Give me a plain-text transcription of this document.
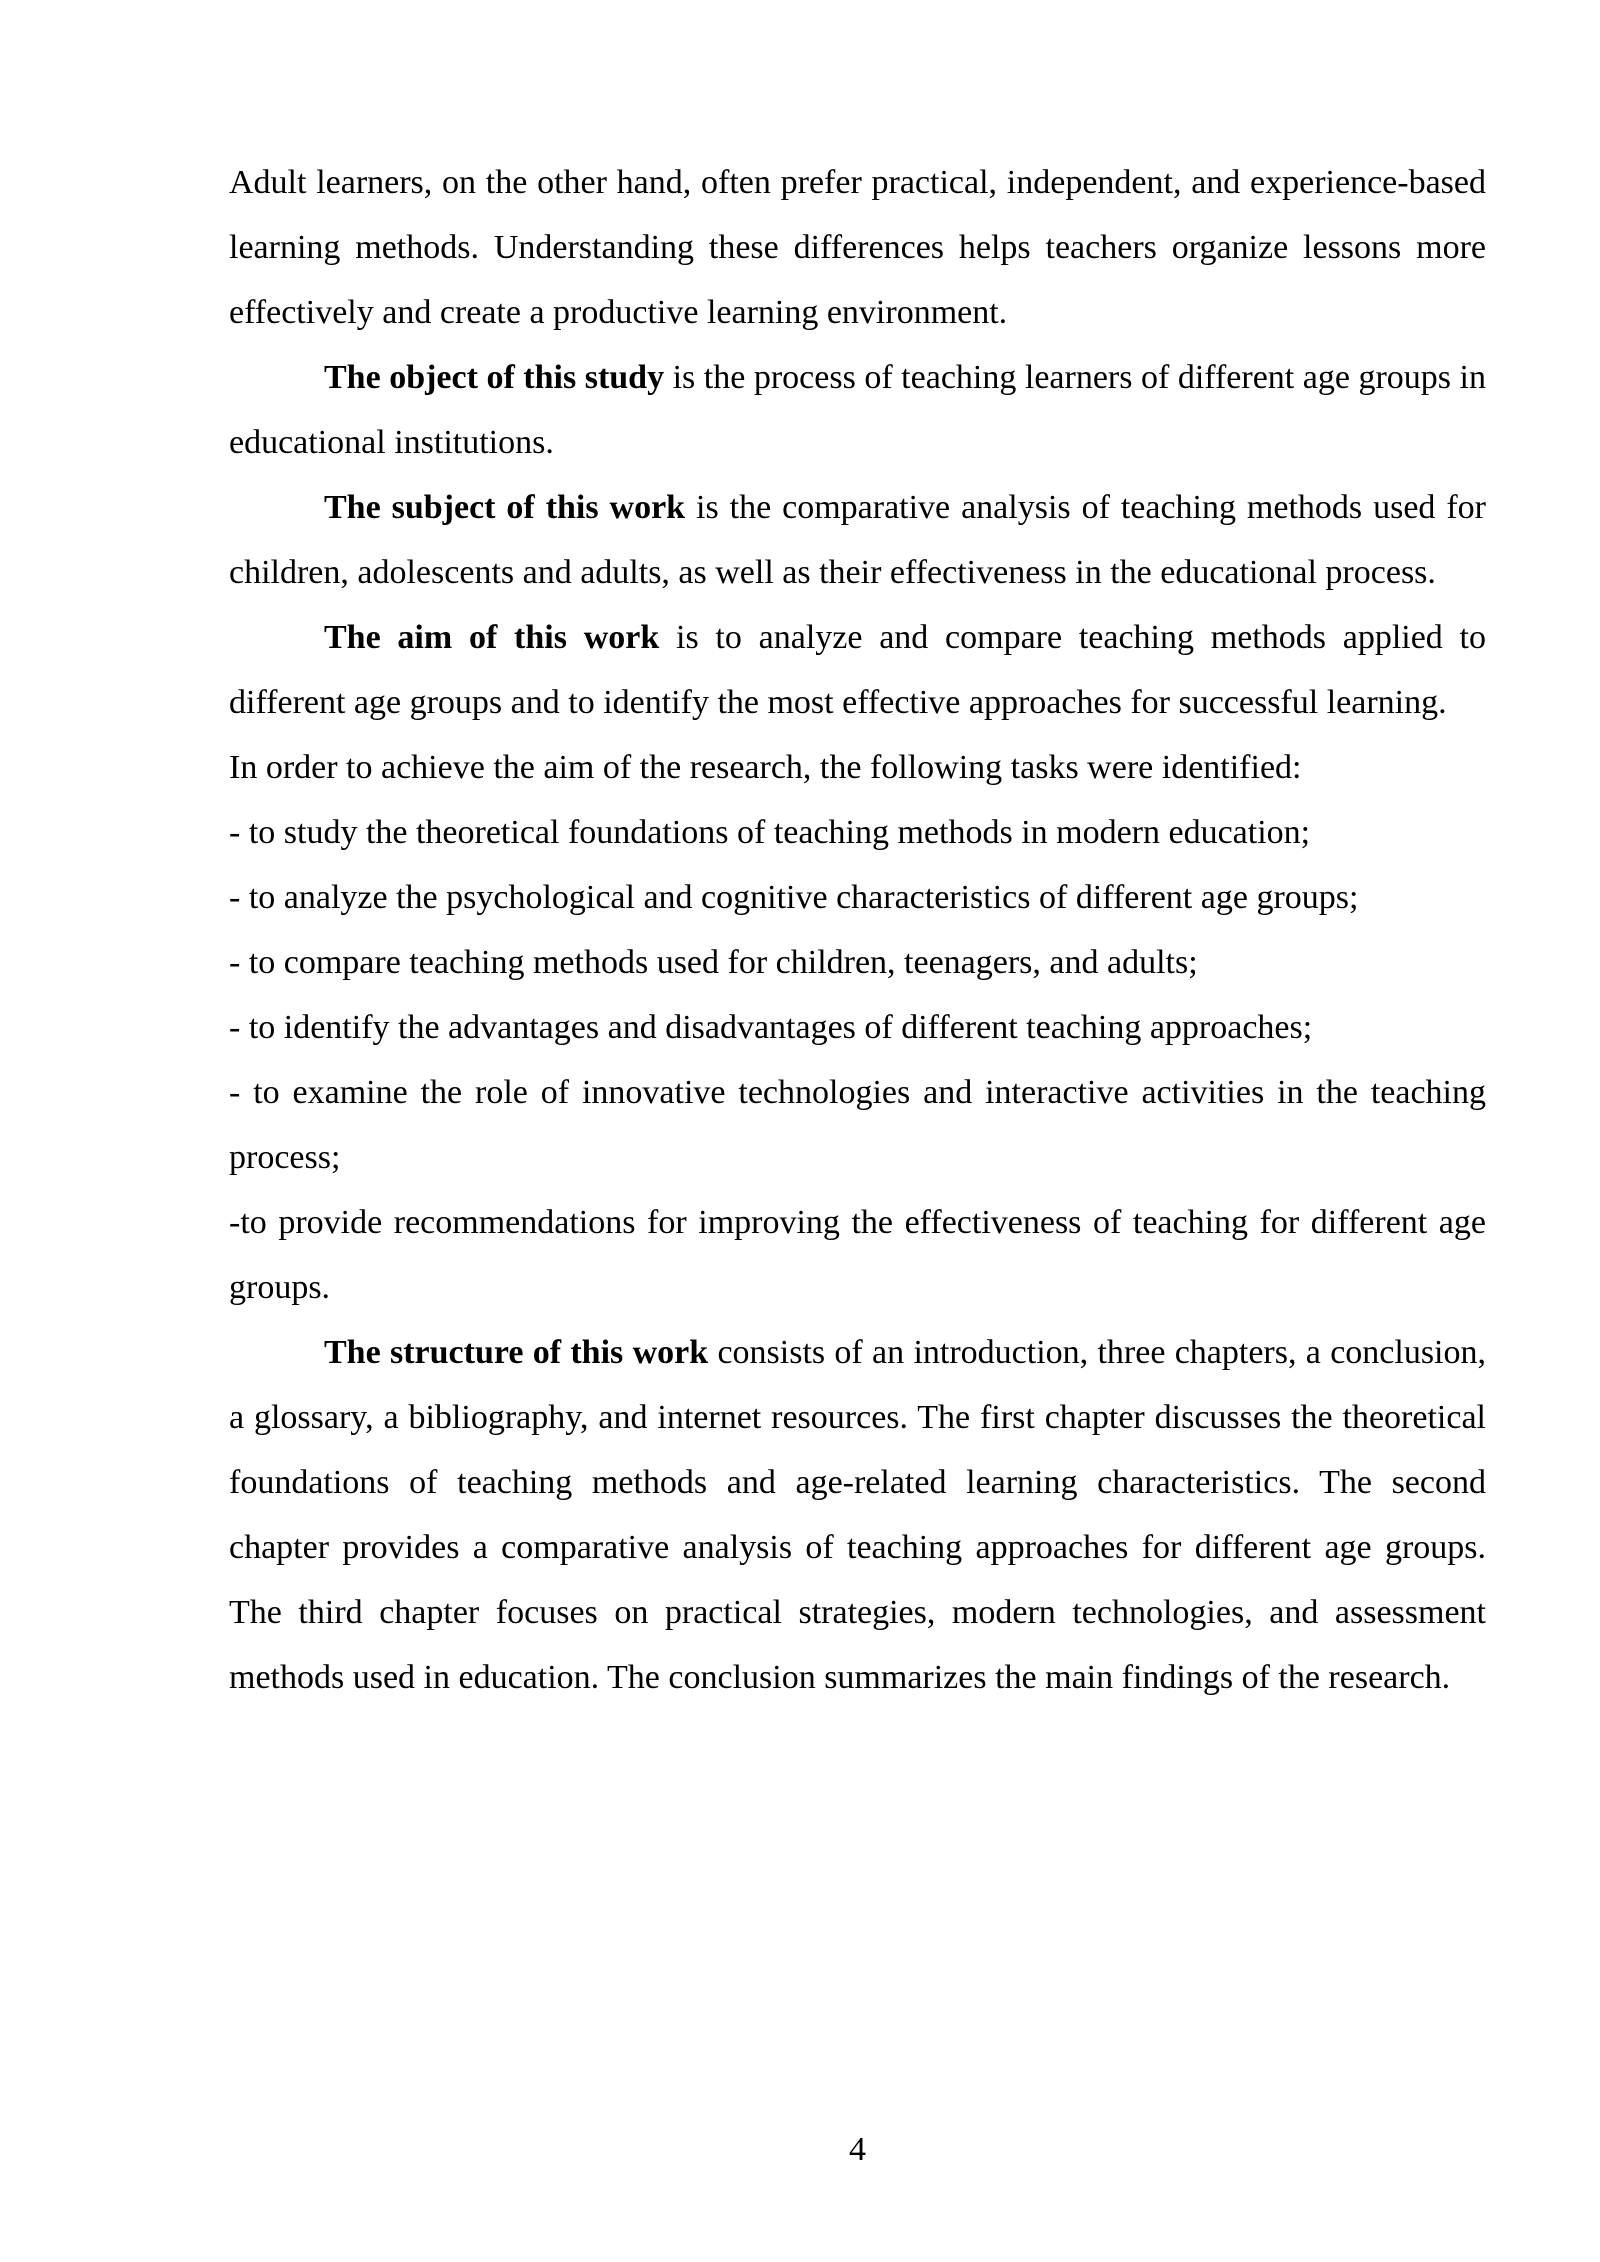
Adult learners, on the other hand, often prefer practical, independent, and experience-based learning methods. Understanding these differences helps teachers organize lessons more effectively and create a productive learning environment.

The object of this study is the process of teaching learners of different age groups in educational institutions.

The subject of this work is the comparative analysis of teaching methods used for children, adolescents and adults, as well as their effectiveness in the educational process.

The aim of this work is to analyze and compare teaching methods applied to different age groups and to identify the most effective approaches for successful learning.

In order to achieve the aim of the research, the following tasks were identified:

- to study the theoretical foundations of teaching methods in modern education;

- to analyze the psychological and cognitive characteristics of different age groups;

- to compare teaching methods used for children, teenagers, and adults;

- to identify the advantages and disadvantages of different teaching approaches;

- to examine the role of innovative technologies and interactive activities in the teaching process;

-to provide recommendations for improving the effectiveness of teaching for different age groups.

The structure of this work consists of an introduction, three chapters, a conclusion, a glossary, a bibliography, and internet resources. The first chapter discusses the theoretical foundations of teaching methods and age-related learning characteristics. The second chapter provides a comparative analysis of teaching approaches for different age groups. The third chapter focuses on practical strategies, modern technologies, and assessment methods used in education. The conclusion summarizes the main findings of the research.

4
